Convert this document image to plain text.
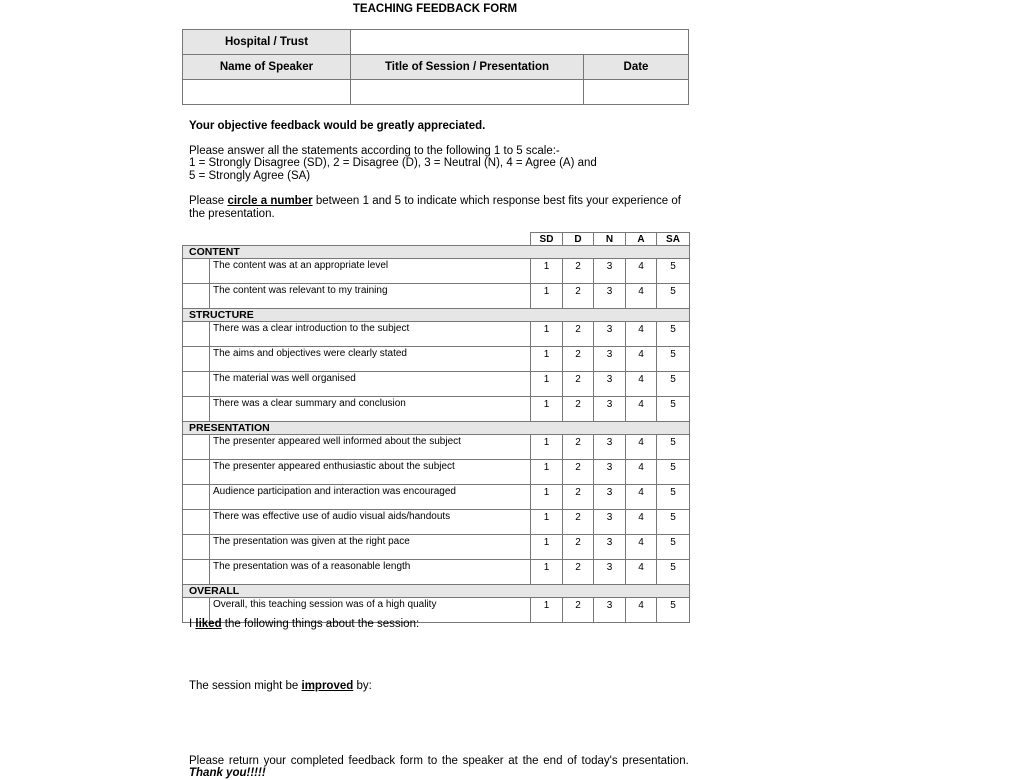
TEACHING FEEDBACK FORM
Hospital / Trust		
Name of Speaker	Title of Session / Presentation	Date

Your objective feedback would be greatly appreciated.

Please answer all the statements according to the following 1 to 5 scale:-

1 = Strongly Disagree (SD), 2 = Disagree (D), 3 = Neutral (N), 4 = Agree (A) and

5 = Strongly Agree (SA)

Please circle a number between 1 and 5 to indicate which response best fits your experience of the presentation.

		SD	D	N	A	SA
CONTENT						
	The content was at an appropriate level	1	2	3	4	5
	The content was relevant to my training	1	2	3	4	5
STRUCTURE						
	There was a clear introduction to the subject	1	2	3	4	5
	The aims and objectives were clearly stated	1	2	3	4	5
	The material was well organised	1	2	3	4	5
	There was a clear summary and conclusion	1	2	3	4	5
PRESENTATION						
	The presenter appeared well informed about the subject	1	2	3	4	5
	The presenter appeared enthusiastic about the subject	1	2	3	4	5
	Audience participation and interaction was encouraged	1	2	3	4	5
	There was effective use of audio visual aids/handouts	1	2	3	4	5
	The presentation was given at the right pace	1	2	3	4	5
	The presentation was of a reasonable length	1	2	3	4	5
OVERALL						
	Overall, this teaching session was of a high quality	1	2	3	4	5

I liked the following things about the session:

The session might be improved by:

Please return your completed feedback form to the speaker at the end of today's presentation.  Thank you!!!!!
